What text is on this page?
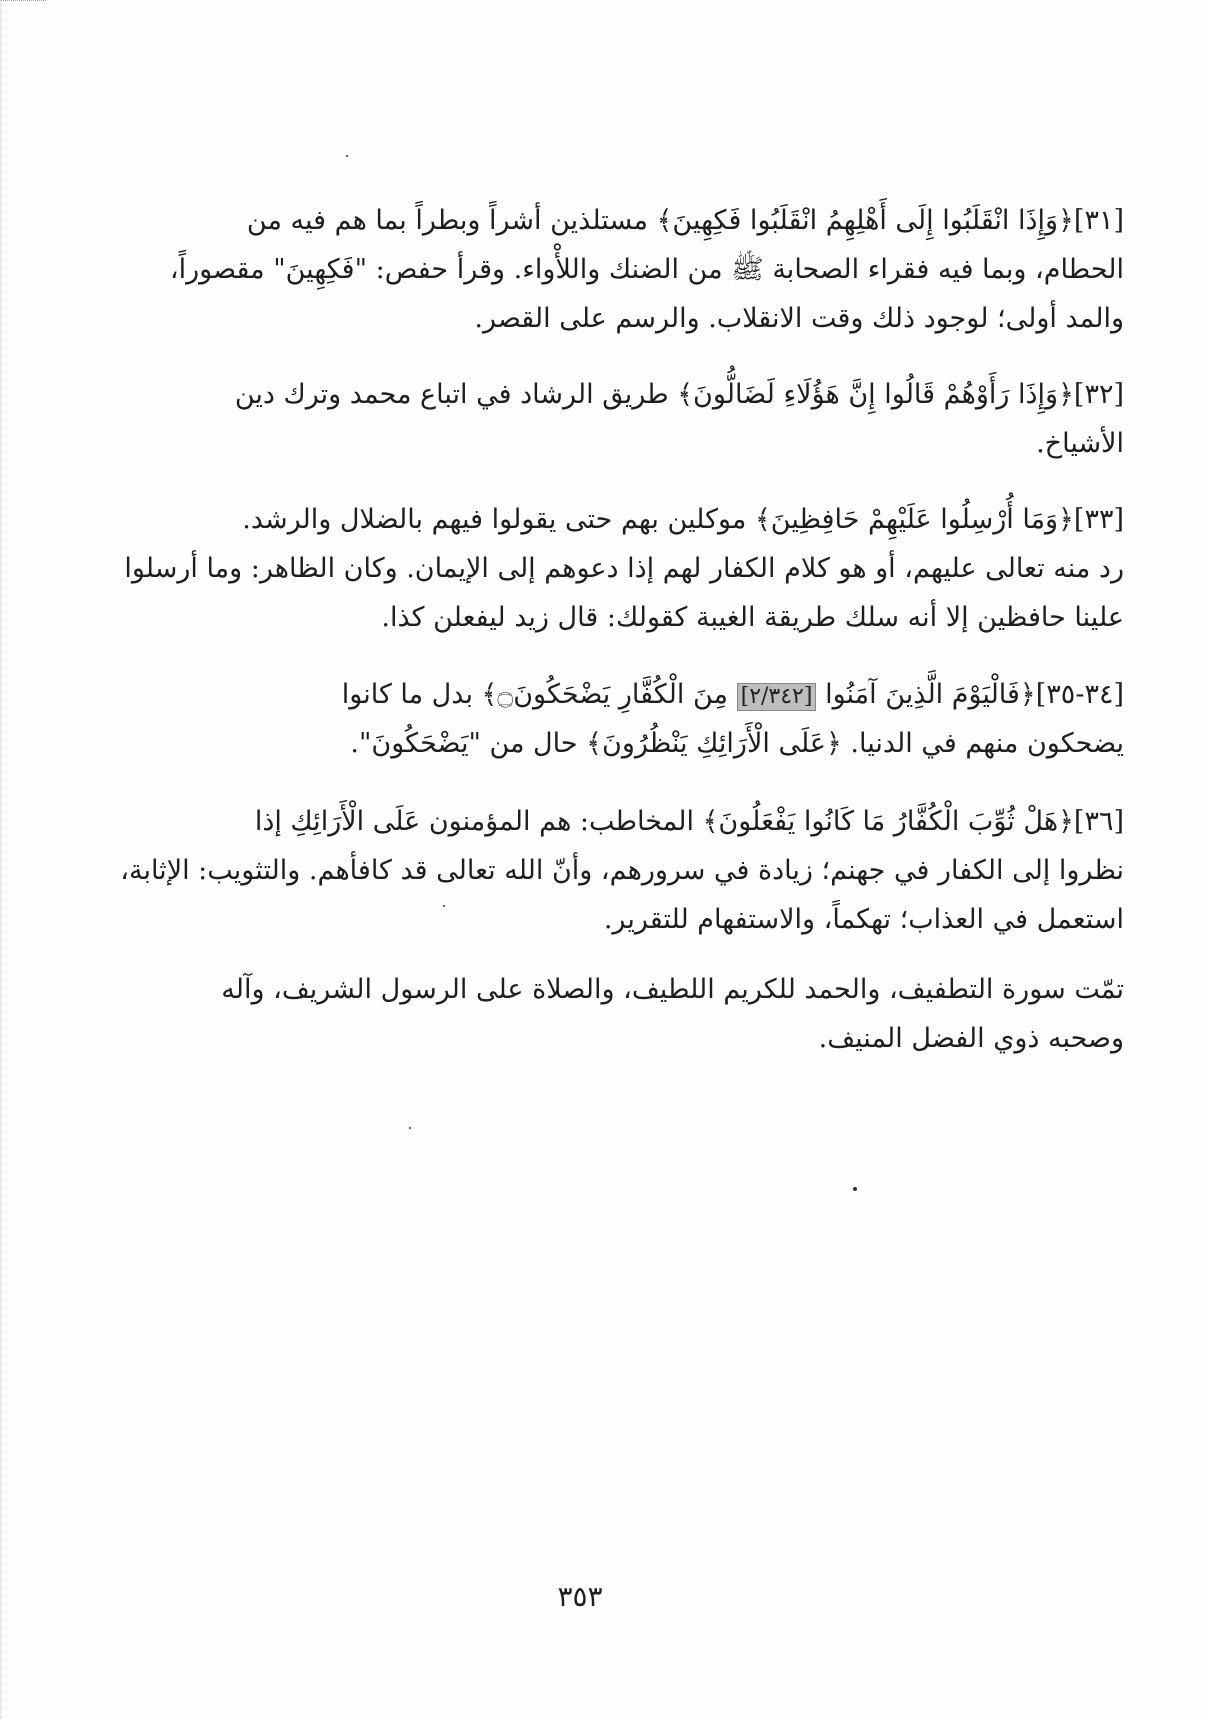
[٣١]﴿وَإِذَا انْقَلَبُوا إِلَى أَهْلِهِمُ انْقَلَبُوا فَكِهِينَ﴾ مستلذين أشراً وبطراً بما هم فيه من
الحطام، وبما فيه فقراء الصحابة ﷺ من الضنك واللأْواء. وقرأ حفص: "فَكِهِينَ" مقصوراً،
والمد أولى؛ لوجود ذلك وقت الانقلاب. والرسم على القصر.
[٣٢]﴿وَإِذَا رَأَوْهُمْ قَالُوا إِنَّ هَؤُلَاءِ لَضَالُّونَ﴾ طريق الرشاد في اتباع محمد وترك دين
الأشياخ.
[٣٣]﴿وَمَا أُرْسِلُوا عَلَيْهِمْ حَافِظِينَ﴾ موكلين بهم حتى يقولوا فيهم بالضلال والرشد.
رد منه تعالى عليهم، أو هو كلام الكفار لهم إذا دعوهم إلى الإيمان. وكان الظاهر: وما أرسلوا
علينا حافظين إلا أنه سلك طريقة الغيبة كقولك: قال زيد ليفعلن كذا.
[٣٤-٣٥]﴿فَالْيَوْمَ الَّذِينَ آمَنُوا [٢/٣٤٢] مِنَ الْكُفَّارِ يَضْحَكُونَ۝﴾ بدل ما كانوا
يضحكون منهم في الدنيا. ﴿عَلَى الْأَرَائِكِ يَنْظُرُونَ﴾ حال من "يَضْحَكُونَ".
[٣٦]﴿هَلْ ثُوِّبَ الْكُفَّارُ مَا كَانُوا يَفْعَلُونَ﴾ المخاطب: هم المؤمنون عَلَى الْأَرَائِكِ إذا
نظروا إلى الكفار في جهنم؛ زيادة في سرورهم، وأنّ الله تعالى قد كافأهم. والتثويب: الإثابة،
استعمل في العذاب؛ تهكماً، والاستفهام للتقرير.
تمّت سورة التطفيف، والحمد للكريم اللطيف، والصلاة على الرسول الشريف، وآله
وصحبه ذوي الفضل المنيف.
٣٥٣
